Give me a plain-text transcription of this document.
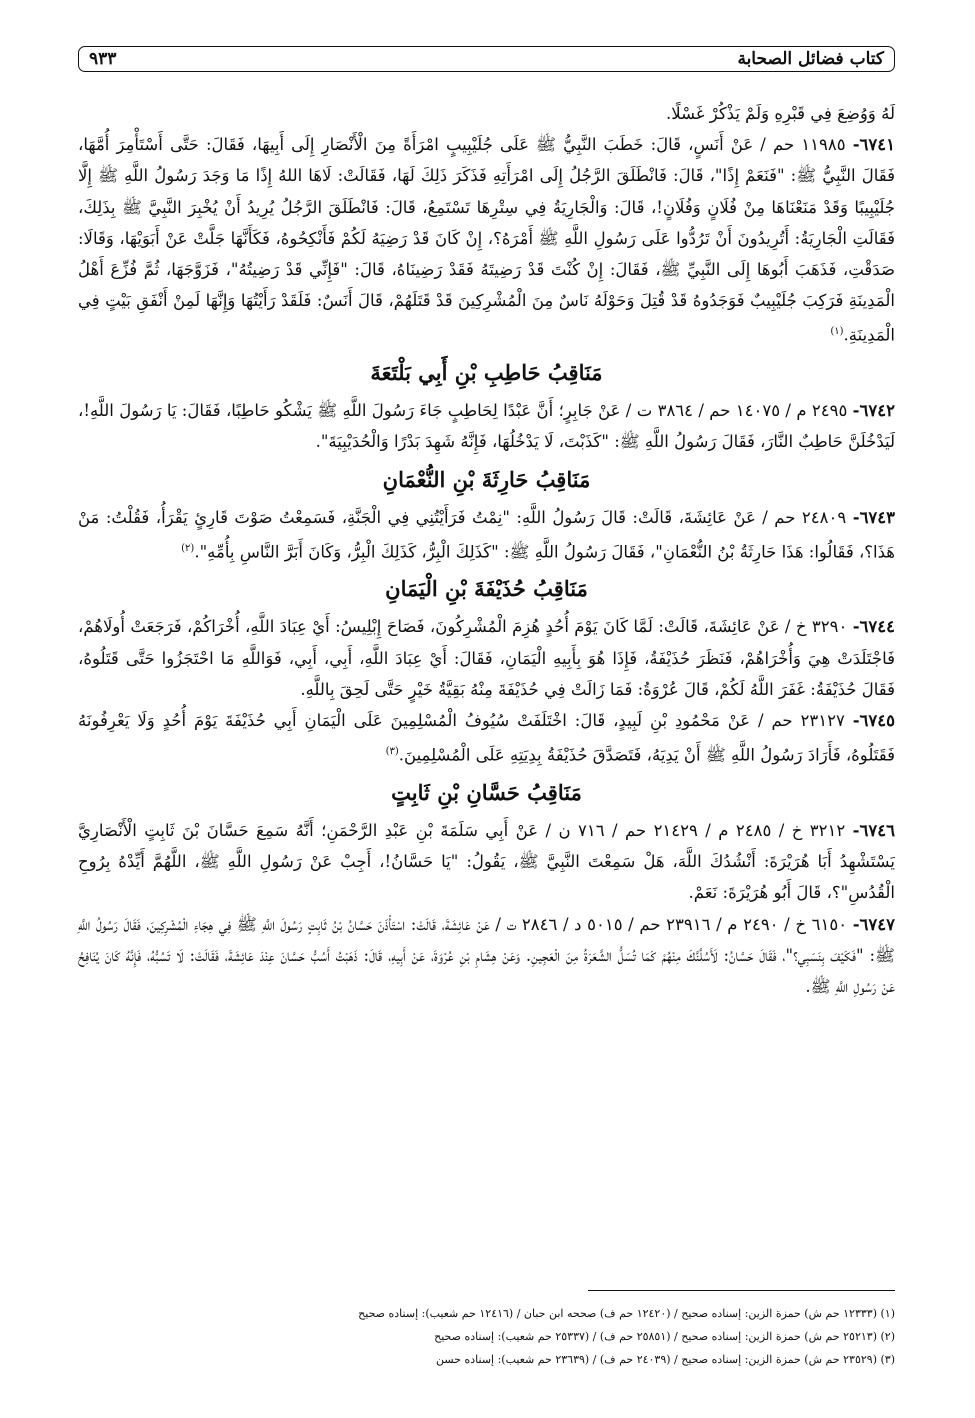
كتاب فضائل الصحابة
٩٣٣

لَهُ وَوُضِعَ فِي قَبْرِهِ وَلَمْ يَذْكُرْ غَسْلًا.

٦٧٤١- ١١٩٨٥ حم / عَنْ أَنَسٍ، قَالَ: خَطَبَ النَّبِيُّ ﷺ عَلَى جُلَيْبِيبٍ امْرَأَةً مِنَ الْأَنْصَارِ إِلَى أَبِيهَا، فَقَالَ: حَتَّى أَسْتَأْمِرَ أُمَّهَا، فَقَالَ النَّبِيُّ ﷺ: "فَنَعَمْ إِذًا"، قَالَ: فَانْطَلَقَ الرَّجُلُ إِلَى امْرَأَتِهِ فَذَكَرَ ذَلِكَ لَهَا، فَقَالَتْ: لَاهَا اللهُ إِذًا مَا وَجَدَ رَسُولُ اللَّهِ ﷺ إِلَّا جُلَيْبِيبًا وَقَدْ مَنَعْنَاهَا مِنْ فُلَانٍ وَفُلَانٍ!، قَالَ: وَالْجَارِيَةُ فِي سِتْرِهَا تَسْتَمِعُ، قَالَ: فَانْطَلَقَ الرَّجُلُ يُرِيدُ أَنْ يُخْبِرَ النَّبِيَّ ﷺ بِذَلِكَ، فَقَالَتِ الْجَارِيَةُ: أَتُرِيدُونَ أَنْ تَرُدُّوا عَلَى رَسُولِ اللَّهِ ﷺ أَمْرَهُ؟، إِنْ كَانَ قَدْ رَضِيَهُ لَكُمْ فَأَنْكِحُوهُ، فَكَأَنَّهَا جَلَّتْ عَنْ أَبَوَيْهَا، وَقَالَا: صَدَقْتِ، فَذَهَبَ أَبُوهَا إِلَى النَّبِيِّ ﷺ، فَقَالَ: إِنْ كُنْتَ قَدْ رَضِيتَهُ فَقَدْ رَضِينَاهُ، قَالَ: "فَإِنِّي قَدْ رَضِيتُهُ"، فَزَوَّجَهَا، ثُمَّ فُزِّعَ أَهْلُ الْمَدِينَةِ فَرَكِبَ جُلَيْبِيبٌ فَوَجَدُوهُ قَدْ قُتِلَ وَحَوْلَهُ نَاسٌ مِنَ الْمُشْرِكِينَ قَدْ قَتَلَهُمْ، قَالَ أَنَسٌ: فَلَقَدْ رَأَيْتُهَا وَإِنَّهَا لَمِنْ أَنْفَقِ بَيْتٍ فِي الْمَدِينَةِ.$^{(١)}$

مَنَاقِبُ حَاطِبِ بْنِ أَبِي بَلْتَعَةَ

٦٧٤٢- ٢٤٩٥ م / ١٤٠٧٥ حم / ٣٨٦٤ ت / عَنْ جَابِرٍ؛ أَنَّ عَبْدًا لِحَاطِبٍ جَاءَ رَسُولَ اللَّهِ ﷺ يَشْكُو حَاطِبًا، فَقَالَ: يَا رَسُولَ اللَّهِ!، لَيَدْخُلَنَّ حَاطِبٌ النَّارَ، فَقَالَ رَسُولُ اللَّهِ ﷺ: "كَذَبْتَ، لَا يَدْخُلُهَا، فَإِنَّهُ شَهِدَ بَدْرًا وَالْحُدَيْبِيَةَ".

مَنَاقِبُ حَارِثَةَ بْنِ النُّعْمَانِ

٦٧٤٣- ٢٤٨٠٩ حم / عَنْ عَائِشَةَ، قَالَتْ: قَالَ رَسُولُ اللَّهِ: "نِمْتُ فَرَأَيْتُنِي فِي الْجَنَّةِ، فَسَمِعْتُ صَوْتَ قَارِئٍ يَقْرَأُ، فَقُلْتُ: مَنْ هَذَا؟، فَقَالُوا: هَذَا حَارِثَةُ بْنُ النُّعْمَانِ"، فَقَالَ رَسُولُ اللَّهِ ﷺ: "كَذَلِكَ الْبِرُّ، كَذَلِكَ الْبِرُّ، وَكَانَ أَبَرَّ النَّاسِ بِأُمِّهِ".$^{(٢)}$

مَنَاقِبُ حُذَيْفَةَ بْنِ الْيَمَانِ

٦٧٤٤- ٣٢٩٠ خ / عَنْ عَائِشَةَ، قَالَتْ: لَمَّا كَانَ يَوْمَ أُحُدٍ هُزِمَ الْمُشْرِكُونَ، فَصَاحَ إِبْلِيسُ: أَيْ عِبَادَ اللَّهِ، أُخْرَاكُمْ، فَرَجَعَتْ أُولَاهُمْ، فَاجْتَلَدَتْ هِيَ وَأُخْرَاهُمْ، فَنَظَرَ حُذَيْفَةُ، فَإِذَا هُوَ بِأَبِيهِ الْيَمَانِ، فَقَالَ: أَيْ عِبَادَ اللَّهِ، أَبِي، أَبِي، فَوَاللَّهِ مَا احْتَجَزُوا حَتَّى قَتَلُوهُ، فَقَالَ حُذَيْفَةُ: غَفَرَ اللَّهُ لَكُمْ، قَالَ عُرْوَةُ: فَمَا زَالَتْ فِي حُذَيْفَةَ مِنْهُ بَقِيَّةُ خَيْرٍ حَتَّى لَحِقَ بِاللَّهِ.

٦٧٤٥- ٢٣١٢٧ حم / عَنْ مَحْمُودِ بْنِ لَبِيدٍ، قَالَ: اخْتَلَفَتْ سُيُوفُ الْمُسْلِمِينَ عَلَى الْيَمَانِ أَبِي حُذَيْفَةَ يَوْمَ أُحُدٍ وَلَا يَعْرِفُونَهُ فَقَتَلُوهُ، فَأَرَادَ رَسُولُ اللَّهِ ﷺ أَنْ يَدِيَهُ، فَتَصَدَّقَ حُذَيْفَةُ بِدِيَتِهِ عَلَى الْمُسْلِمِينَ.$^{(٣)}$

مَنَاقِبُ حَسَّانِ بْنِ ثَابِتٍ

٦٧٤٦- ٣٢١٢ خ / ٢٤٨٥ م / ٢١٤٢٩ حم / ٧١٦ ن / عَنْ أَبِي سَلَمَةَ بْنِ عَبْدِ الرَّحْمَنِ؛ أَنَّهُ سَمِعَ حَسَّانَ بْنَ ثَابِتٍ الْأَنْصَارِيَّ يَسْتَشْهِدُ أَبَا هُرَيْرَةَ: أَنْشُدُكَ اللَّهَ، هَلْ سَمِعْتَ النَّبِيَّ ﷺ، يَقُولُ: "يَا حَسَّانُ!، أَجِبْ عَنْ رَسُولِ اللَّهِ ﷺ، اللَّهُمَّ أَيِّدْهُ بِرُوحِ الْقُدُسِ"؟، قَالَ أَبُو هُرَيْرَةَ: نَعَمْ.

٦٧٤٧- ٦١٥٠ خ / ٢٤٩٠ م / ٢٣٩١٦ حم / ٥٠١٥ د / ٢٨٤٦ ت / عَنْ عَائِشَةَ، قَالَتْ: اسْتَأْذَنَ حَسَّانُ بْنُ ثَابِتٍ رَسُولَ اللَّهِ ﷺ فِي هِجَاءِ الْمُشْرِكِينَ، فَقَالَ رَسُولُ اللَّهِ ﷺ: "فَكَيْفَ بِنَسَبِي؟"، فَقَالَ حَسَّانُ: لَأَسُلَّنَّكَ مِنْهُمْ كَمَا تُسَلُّ الشَّعَرَةُ مِنَ الْعَجِينِ. وَعَنْ هِشَامِ بْنِ عُرْوَةَ، عَنْ أَبِيهِ، قَالَ: ذَهَبْتُ أَسُبُّ حَسَّانَ عِنْدَ عَائِشَةَ، فَقَالَتْ: لَا تَسُبُّهُ، فَإِنَّهُ كَانَ يُنَافِحُ عَنْ رَسُولِ اللَّهِ ﷺ.

(١) (١٢٣٣٣ حم ش) حمزة الزين: إسناده صحيح / (١٢٤٢٠ حم ف) صححه ابن حبان / (١٢٤١٦ حم شعيب): إسناده صحيح

(٢) (٢٥٢١٣ حم ش) حمزة الزين: إسناده صحيح / (٢٥٨٥١ حم ف) / (٢٥٣٣٧ حم شعيب): إسناده صحيح

(٣) (٢٣٥٢٩ حم ش) حمزة الزين: إسناده صحيح / (٢٤٠٣٩ حم ف) / (٢٣٦٣٩ حم شعيب): إسناده حسن
